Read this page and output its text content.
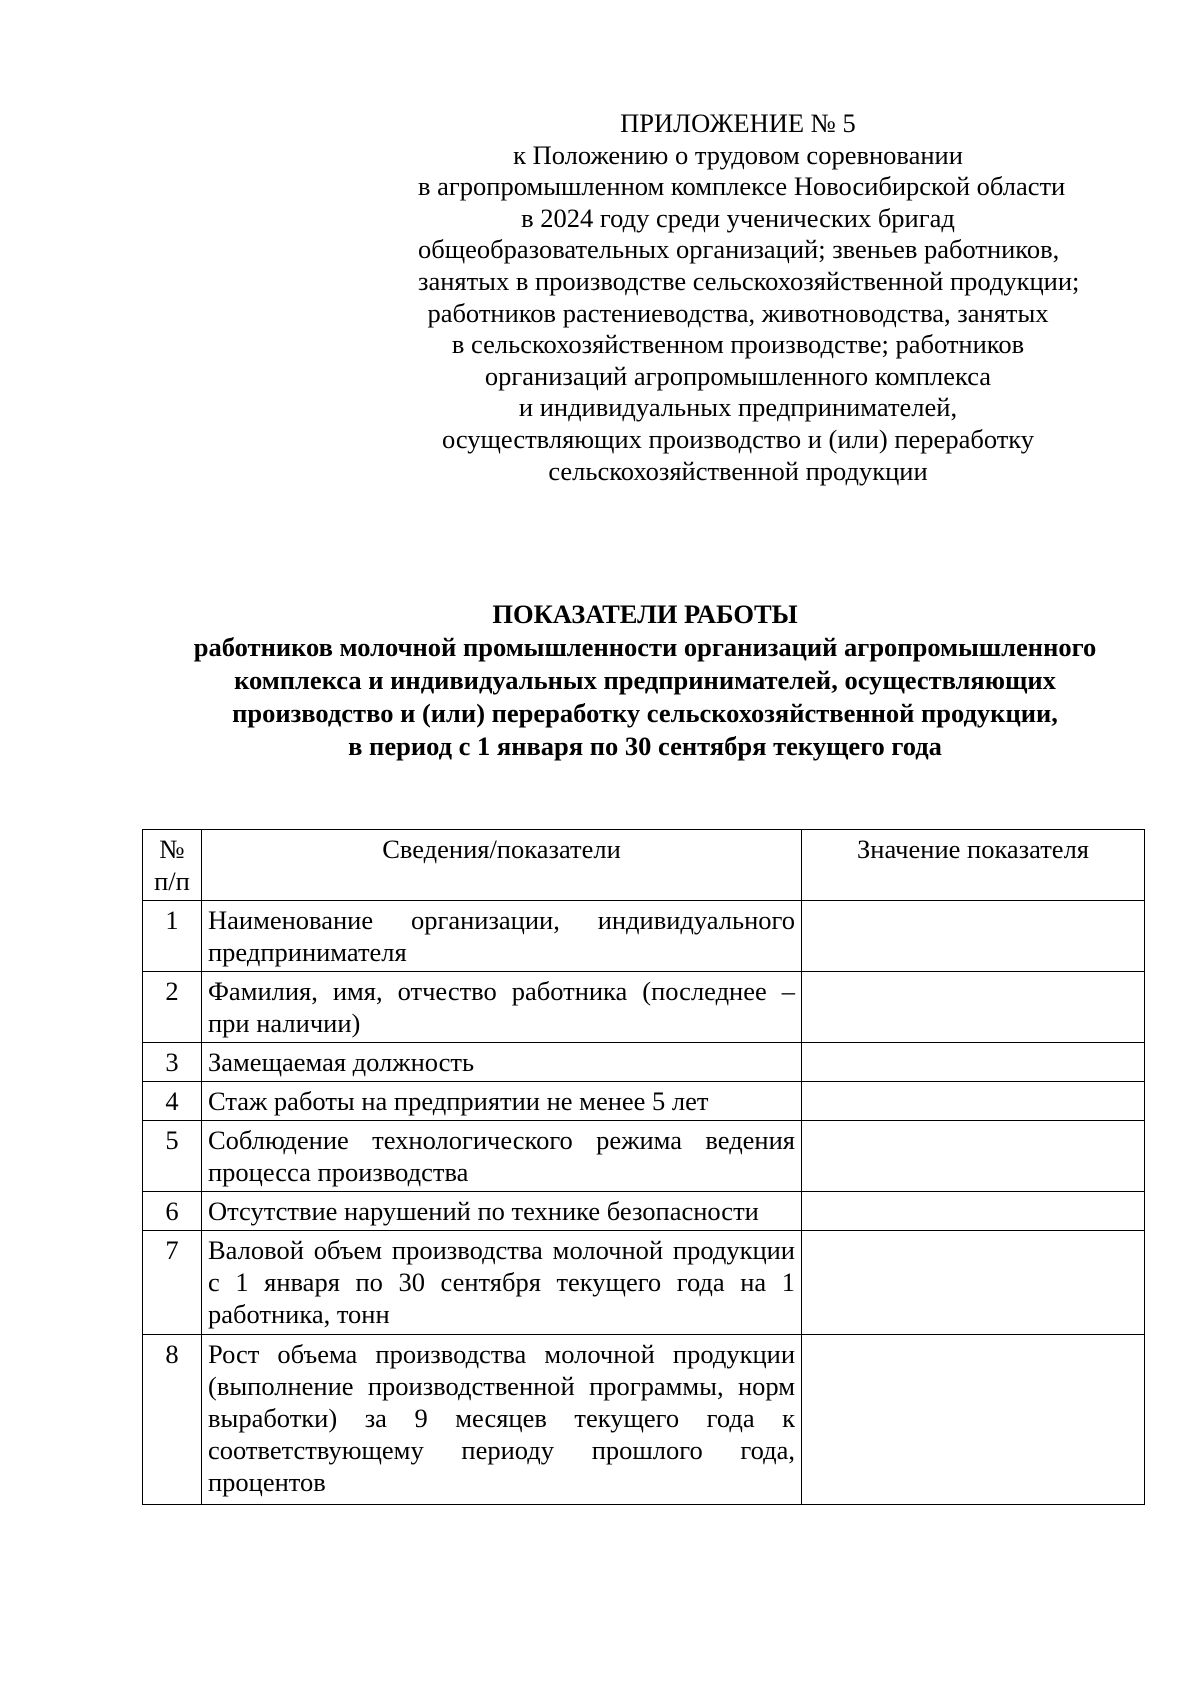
ПРИЛОЖЕНИЕ № 5
к Положению о трудовом соревновании
в агропромышленном комплексе Новосибирской области
в 2024 году среди ученических бригад
общеобразовательных организаций; звеньев работников,
занятых в производстве сельскохозяйственной продукции;
работников растениеводства, животноводства, занятых
в сельскохозяйственном производстве; работников
организаций агропромышленного комплекса
и индивидуальных предпринимателей,
осуществляющих производство и (или) переработку
сельскохозяйственной продукции
ПОКАЗАТЕЛИ РАБОТЫ
работников молочной промышленности организаций агропромышленного
комплекса и индивидуальных предпринимателей, осуществляющих
производство и (или) переработку сельскохозяйственной продукции,
в период с 1 января по 30 сентября текущего года
№ п/п	Сведения/показатели	Значение показателя
1	Наименование организации, индивидуального предпринимателя	
2	Фамилия, имя, отчество работника (последнее – при наличии)	
3	Замещаемая должность	
4	Стаж работы на предприятии не менее 5 лет	
5	Соблюдение технологического режима ведения процесса производства	
6	Отсутствие нарушений по технике безопасности	
7	Валовой объем производства молочной продукции с 1 января по 30 сентября текущего года на 1 работника, тонн	
8	Рост объема производства молочной продукции (выполнение производственной программы, норм выработки) за 9 месяцев текущего года к соответствующему периоду прошлого года, процентов	
